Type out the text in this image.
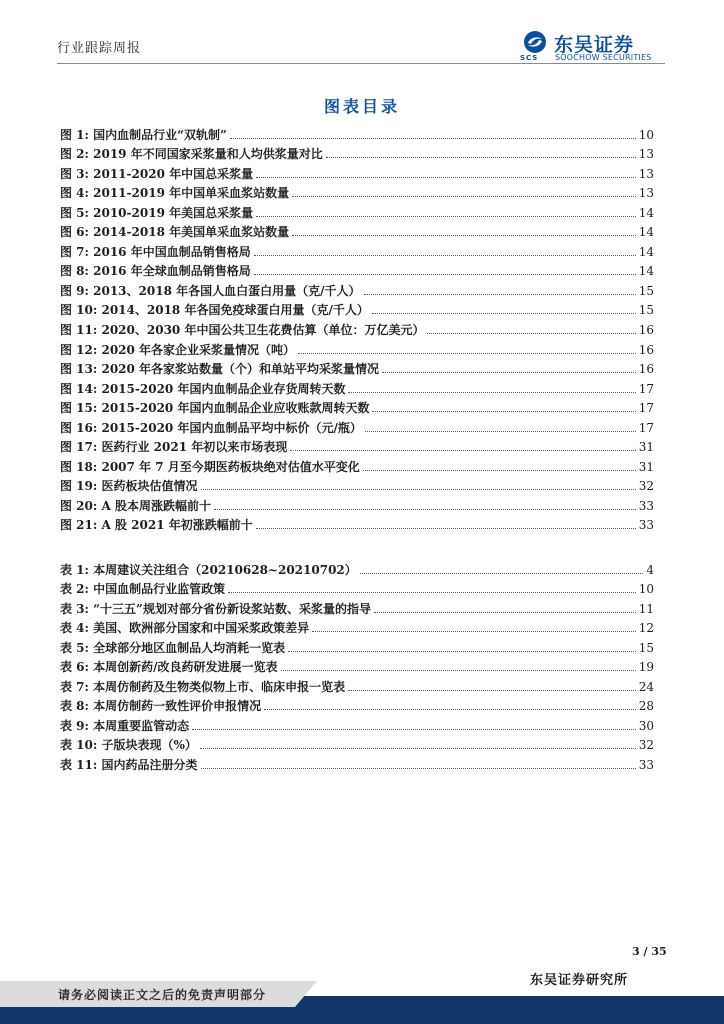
行业跟踪周报
SCS
东吴证券
SOOCHOW SECURITIES
图表目录
图 1: 国内血制品行业“双轨制”	10
图 2: 2019 年不同国家采浆量和人均供浆量对比	13
图 3: 2011-2020 年中国总采浆量	13
图 4: 2011-2019 年中国单采血浆站数量	13
图 5: 2010-2019 年美国总采浆量	14
图 6: 2014-2018 年美国单采血浆站数量	14
图 7: 2016 年中国血制品销售格局	14
图 8: 2016 年全球血制品销售格局	14
图 9: 2013、2018 年各国人血白蛋白用量（克/千人）	15
图 10: 2014、2018 年各国免疫球蛋白用量（克/千人）	15
图 11: 2020、2030 年中国公共卫生花费估算（单位：万亿美元）	16
图 12: 2020 年各家企业采浆量情况（吨）	16
图 13: 2020 年各家浆站数量（个）和单站平均采浆量情况	16
图 14: 2015-2020 年国内血制品企业存货周转天数	17
图 15: 2015-2020 年国内血制品企业应收账款周转天数	17
图 16: 2015-2020 年国内血制品平均中标价（元/瓶）	17
图 17: 医药行业 2021 年初以来市场表现	31
图 18: 2007 年 7 月至今期医药板块绝对估值水平变化	31
图 19: 医药板块估值情况	32
图 20: A 股本周涨跌幅前十	33
图 21: A 股 2021 年初涨跌幅前十	33
表 1: 本周建议关注组合（20210628~20210702）	4
表 2: 中国血制品行业监管政策	10
表 3: “十三五”规划对部分省份新设浆站数、采浆量的指导	11
表 4: 美国、欧洲部分国家和中国采浆政策差异	12
表 5: 全球部分地区血制品人均消耗一览表	15
表 6: 本周创新药/改良药研发进展一览表	19
表 7: 本周仿制药及生物类似物上市、临床申报一览表	24
表 8: 本周仿制药一致性评价申报情况	28
表 9: 本周重要监管动态	30
表 10: 子版块表现（%）	32
表 11: 国内药品注册分类	33
3 / 35
东吴证券研究所
请务必阅读正文之后的免责声明部分
